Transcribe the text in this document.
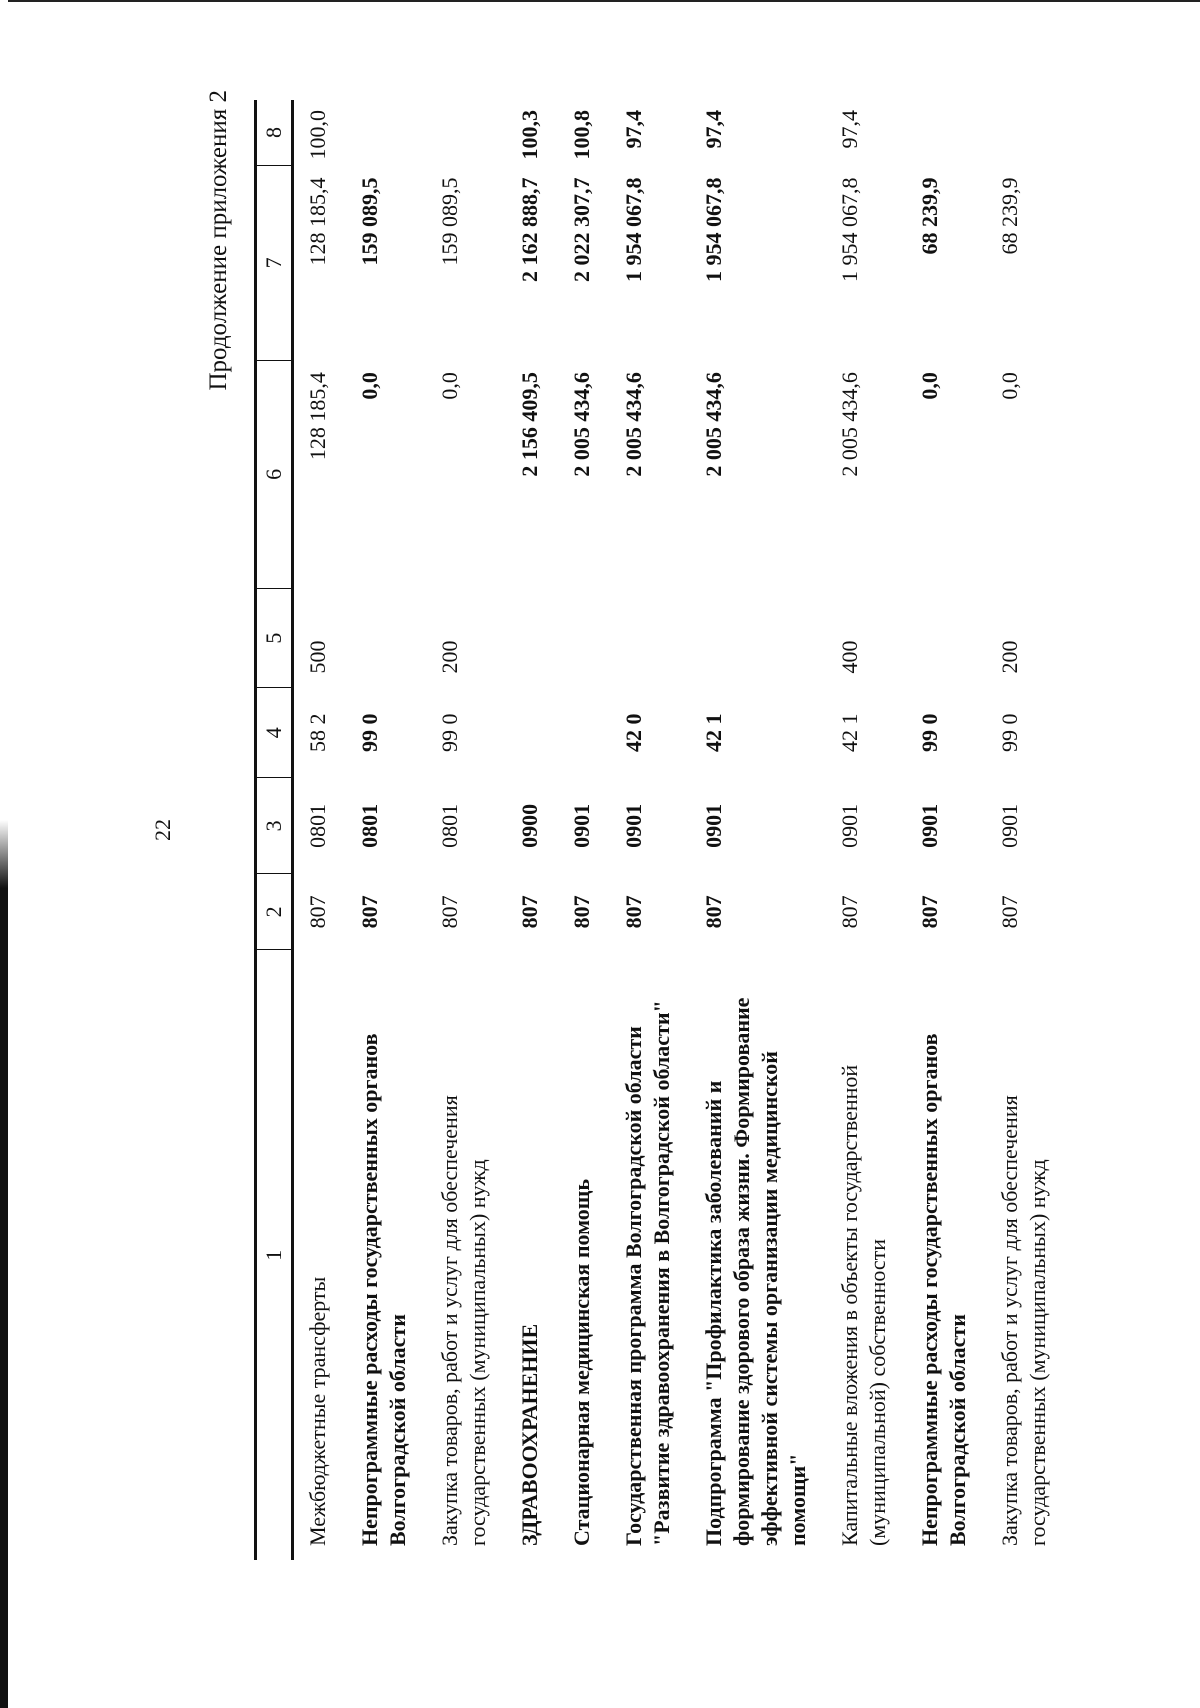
22
Продолжение приложения 2
1	2	3	4	5	6	7	8
Межбюджетные трансферты	807	0801	58 2	500	128 185,4	128 185,4	100,0
Непрограммные расходы государственных органов Волгоградской области	807	0801	99 0		0,0	159 089,5	
Закупка товаров, работ и услуг для обеспечения государственных (муниципальных) нужд	807	0801	99 0	200	0,0	159 089,5	
ЗДРАВООХРАНЕНИЕ	807	0900			2 156 409,5	2 162 888,7	100,3
Стационарная медицинская помощь	807	0901			2 005 434,6	2 022 307,7	100,8
Государственная программа Волгоградской области "Развитие здравоохранения в Волгоградской области"	807	0901	42 0		2 005 434,6	1 954 067,8	97,4
Подпрограмма "Профилактика заболеваний и формирование здорового образа жизни. Формирование эффективной системы организации медицинской помощи"	807	0901	42 1		2 005 434,6	1 954 067,8	97,4
Капитальные вложения в объекты государственной (муниципальной) собственности	807	0901	42 1	400	2 005 434,6	1 954 067,8	97,4
Непрограммные расходы государственных органов Волгоградской области	807	0901	99 0		0,0	68 239,9	
Закупка товаров, работ и услуг для обеспечения государственных (муниципальных) нужд	807	0901	99 0	200	0,0	68 239,9	
